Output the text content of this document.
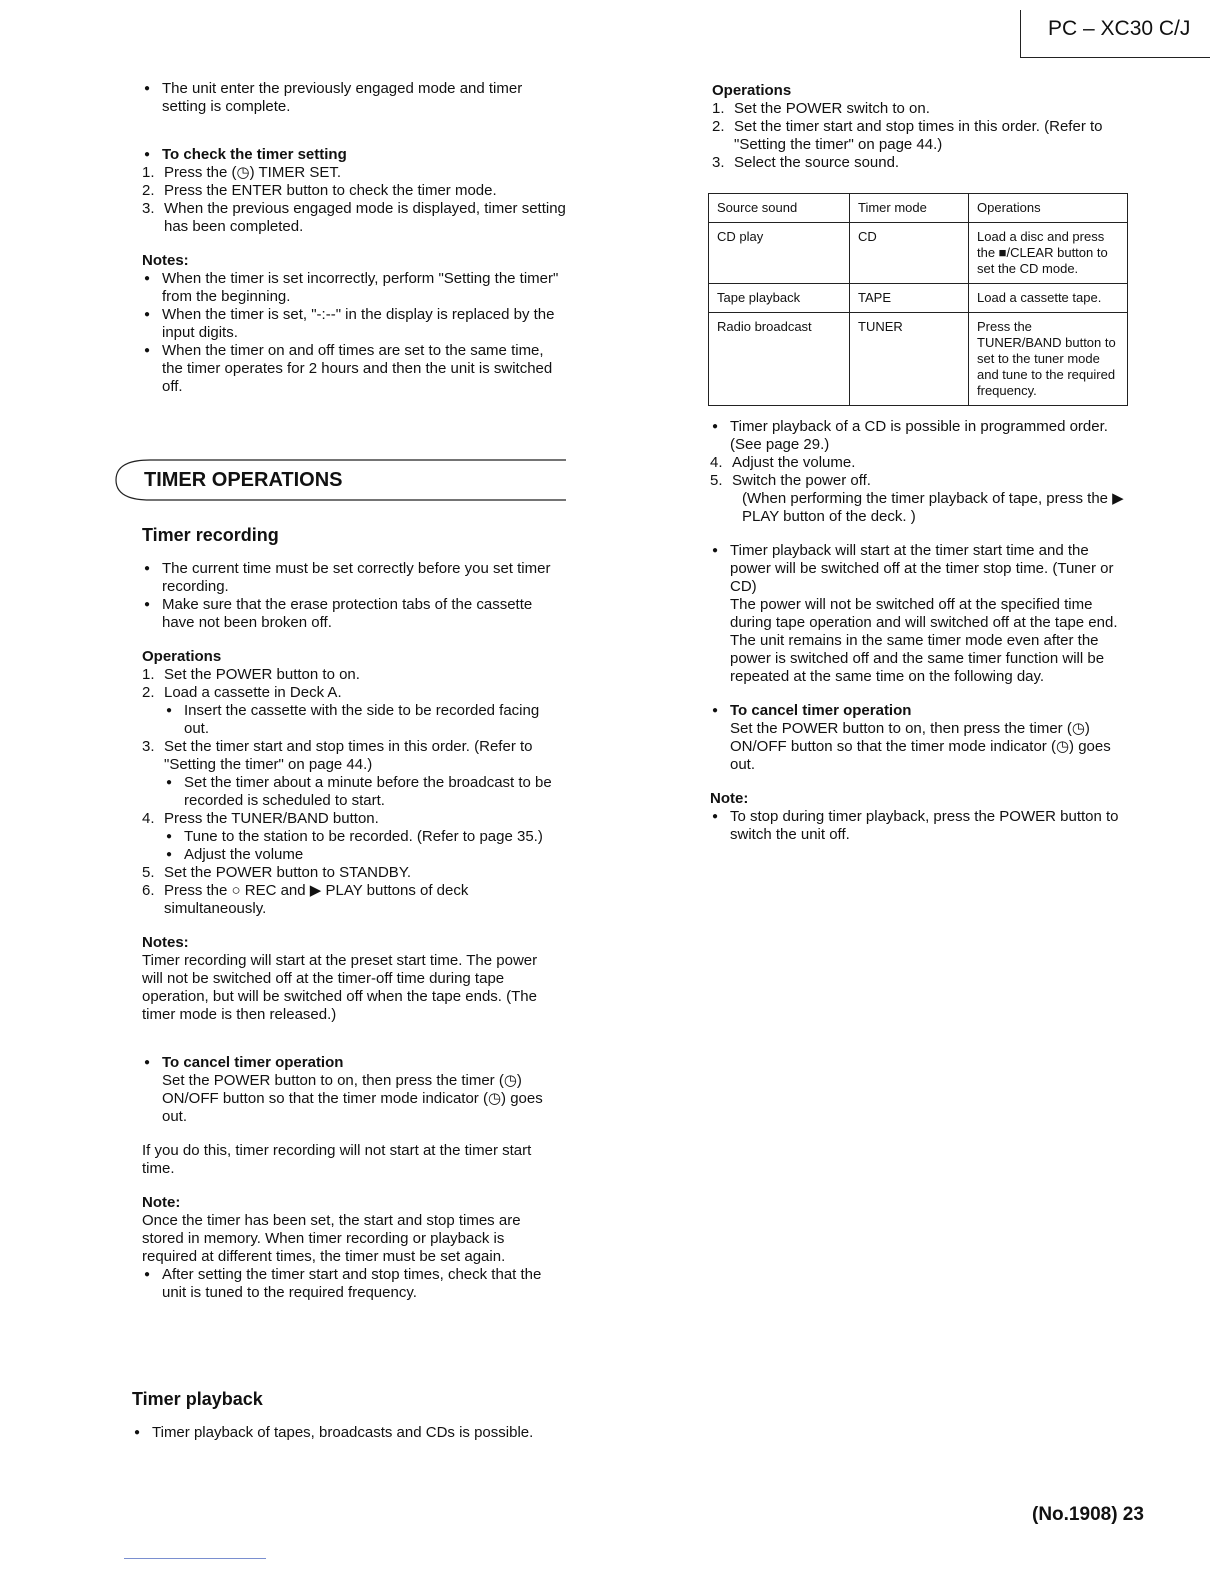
PC – XC30 C/J

● The unit enter the previously engaged mode and timer setting is complete.

● To check the timer setting

1. Press the (◷) TIMER SET.

2. Press the ENTER button to check the timer mode.

3. When the previous engaged mode is displayed, timer setting has been completed.

Notes:

● When the timer is set incorrectly, perform "Setting the timer" from the beginning.

● When the timer is set, "-:--" in the display is replaced by the input digits.

● When the timer on and off times are set to the same time, the timer operates for 2 hours and then the unit is switched off.

TIMER OPERATIONS
Timer recording

● The current time must be set correctly before you set timer recording.

● Make sure that the erase protection tabs of the cassette have not been broken off.

Operations

1. Set the POWER button to on.

2. Load a cassette in Deck A.

● Insert the cassette with the side to be recorded facing out.

3. Set the timer start and stop times in this order. (Refer to "Setting the timer" on page 44.)

● Set the timer about a minute before the broadcast to be recorded is scheduled to start.

4. Press the TUNER/BAND button.

● Tune to the station to be recorded. (Refer to page 35.)

● Adjust the volume

5. Set the POWER button to STANDBY.

6. Press the ○ REC and ▶ PLAY buttons of deck simultaneously.

Notes:

Timer recording will start at the preset start time. The power will not be switched off at the timer-off time during tape operation, but will be switched off when the tape ends. (The timer mode is then released.)

● To cancel timer operation

Set the POWER button to on, then press the timer (◷) ON/OFF button so that the timer mode indicator (◷) goes out.

If you do this, timer recording will not start at the timer start time.

Note:

Once the timer has been set, the start and stop times are stored in memory. When timer recording or playback is required at different times, the timer must be set again.

● After setting the timer start and stop times, check that the unit is tuned to the required frequency.

Timer playback

● Timer playback of tapes, broadcasts and CDs is possible.

Operations

1. Set the POWER switch to on.

2. Set the timer start and stop times in this order. (Refer to "Setting the timer" on page 44.)

3. Select the source sound.

Source sound	Timer mode	Operations
CD play	CD	Load a disc and press the ■/CLEAR button to set the CD mode.
Tape playback	TAPE	Load a cassette tape.
Radio broadcast	TUNER	Press the TUNER/BAND button to set to the tuner mode and tune to the required frequency.

● Timer playback of a CD is possible in programmed order. (See page 29.)

4. Adjust the volume.

5. Switch the power off.

(When performing the timer playback of tape, press the ▶ PLAY button of the deck. )

● Timer playback will start at the timer start time and the power will be switched off at the timer stop time. (Tuner or CD)

The power will not be switched off at the specified time during tape operation and will switched off at the tape end.

The unit remains in the same timer mode even after the power is switched off and the same timer function will be repeated at the same time on the following day.

● To cancel timer operation

Set the POWER button to on, then press the timer (◷) ON/OFF button so that the timer mode indicator (◷) goes out.

Note:

● To stop during timer playback, press the POWER button to switch the unit off.

(No.1908) 23
